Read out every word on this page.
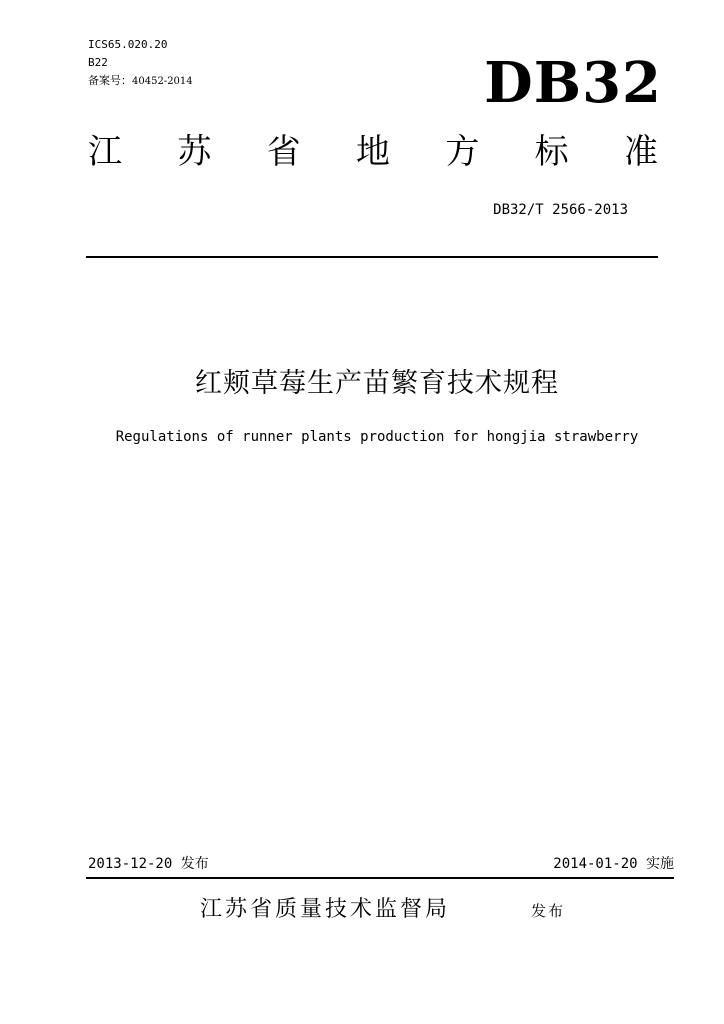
ICS65.020.20
B22
备案号：40452-2014	DB32
江 苏 省 地 方 标 准
DB32/T 2566-2013
红颊草莓生产苗繁育技术规程
Regulations of runner plants production for hongjia strawberry
2013-12-20 发布	2014-01-20 实施
江苏省质量技术监督局	发布
